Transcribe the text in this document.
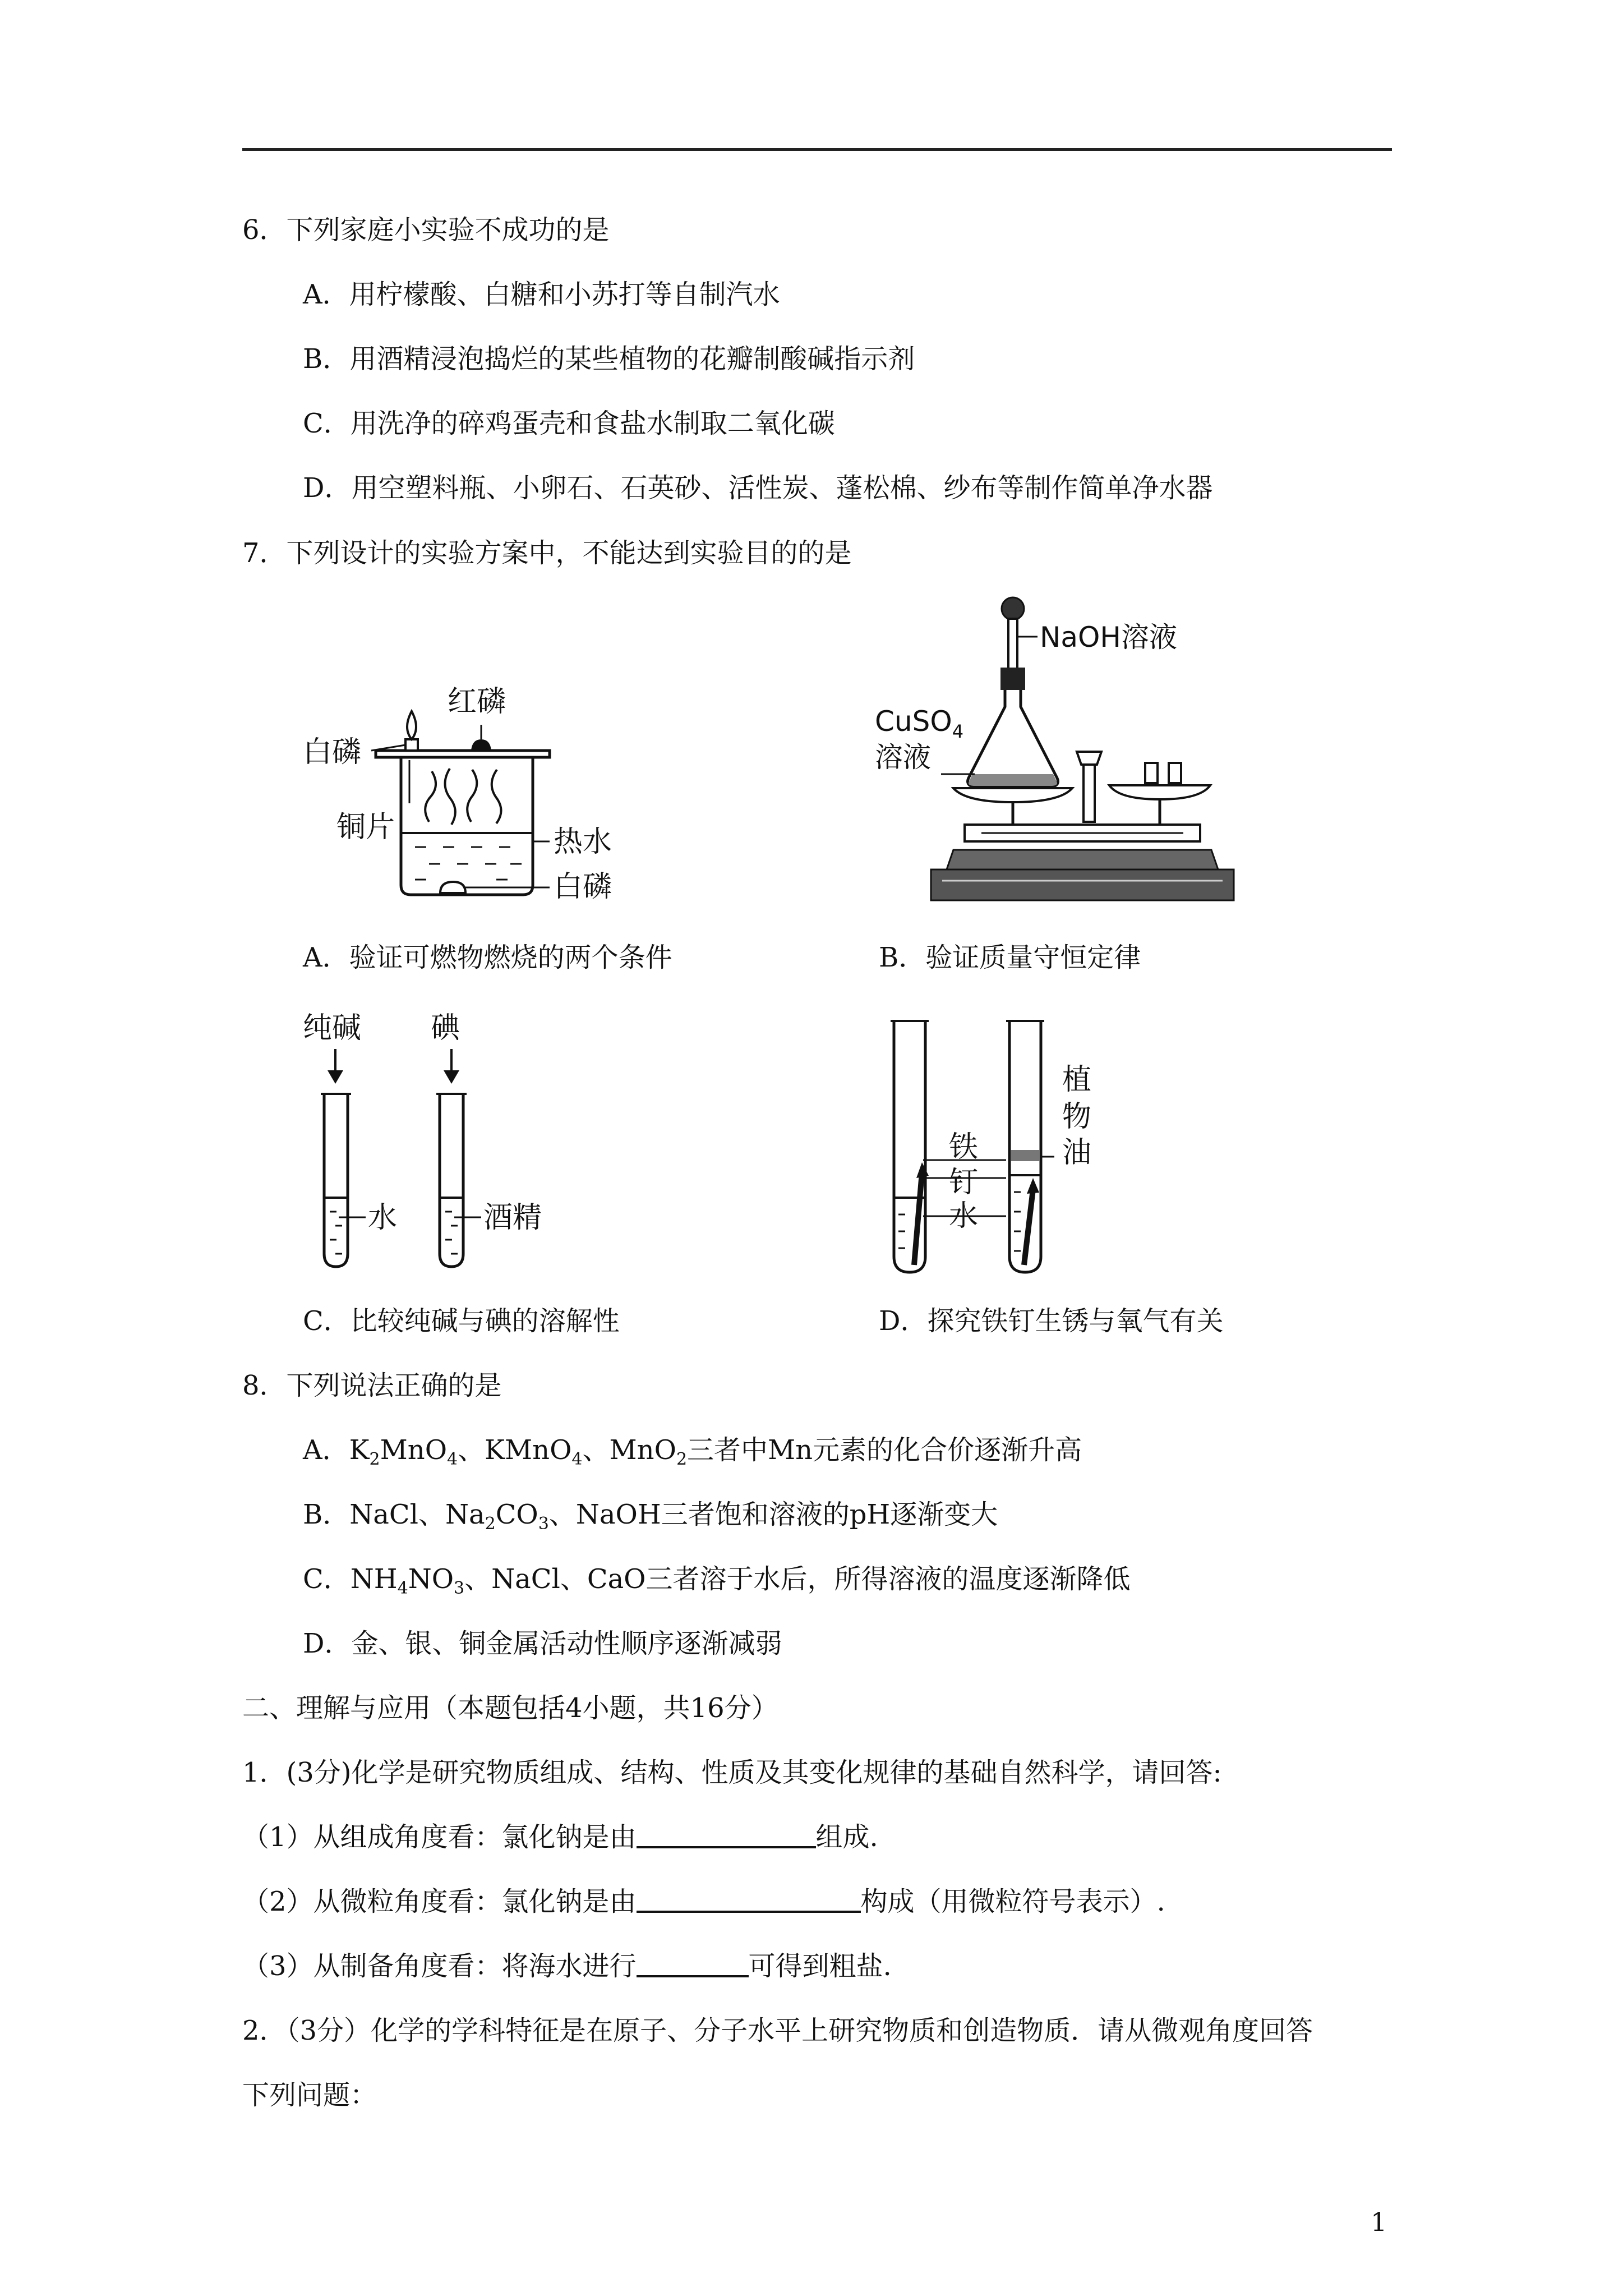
6．下列家庭小实验不成功的是
A．用柠檬酸、白糖和小苏打等自制汽水
B．用酒精浸泡捣烂的某些植物的花瓣制酸碱指示剂
C．用洗净的碎鸡蛋壳和食盐水制取二氧化碳
D．用空塑料瓶、小卵石、石英砂、活性炭、蓬松棉、纱布等制作简单净水器
7．下列设计的实验方案中，不能达到实验目的的是
红磷
白磷
铜片	热水
白磷
A．验证可燃物燃烧的两个条件
NaOH溶液
CuSO$_4$
溶液
B．验证质量守恒定律
纯碱 碘
水	酒精
C．比较纯碱与碘的溶解性
铁
钉
水
植
物
油
D．探究铁钉生锈与氧气有关
8．下列说法正确的是
A．$K_2MnO_4$、KMnO$_4$、MnO$_2$三者中Mn元素的化合价逐渐升高
B．NaCl、$Na_2CO_3$、NaOH三者饱和溶液的pH逐渐变大
C．$NH_4NO_3$、NaCl、CaO三者溶于水后，所得溶液的温度逐渐降低
D．金、银、铜金属活动性顺序逐渐减弱
二、理解与应用（本题包括4小题，共16分）
1．(3分)化学是研究物质组成、结构、性质及其变化规律的基础自然科学，请回答:
（1）从组成角度看：氯化钠是由	组成.
（2）从微粒角度看：氯化钠是由	构成（用微粒符号表示）.
（3）从制备角度看：将海水进行	可得到粗盐.
2．（3分）化学的学科特征是在原子、分子水平上研究物质和创造物质．请从微观角度回答
下列问题：
1
